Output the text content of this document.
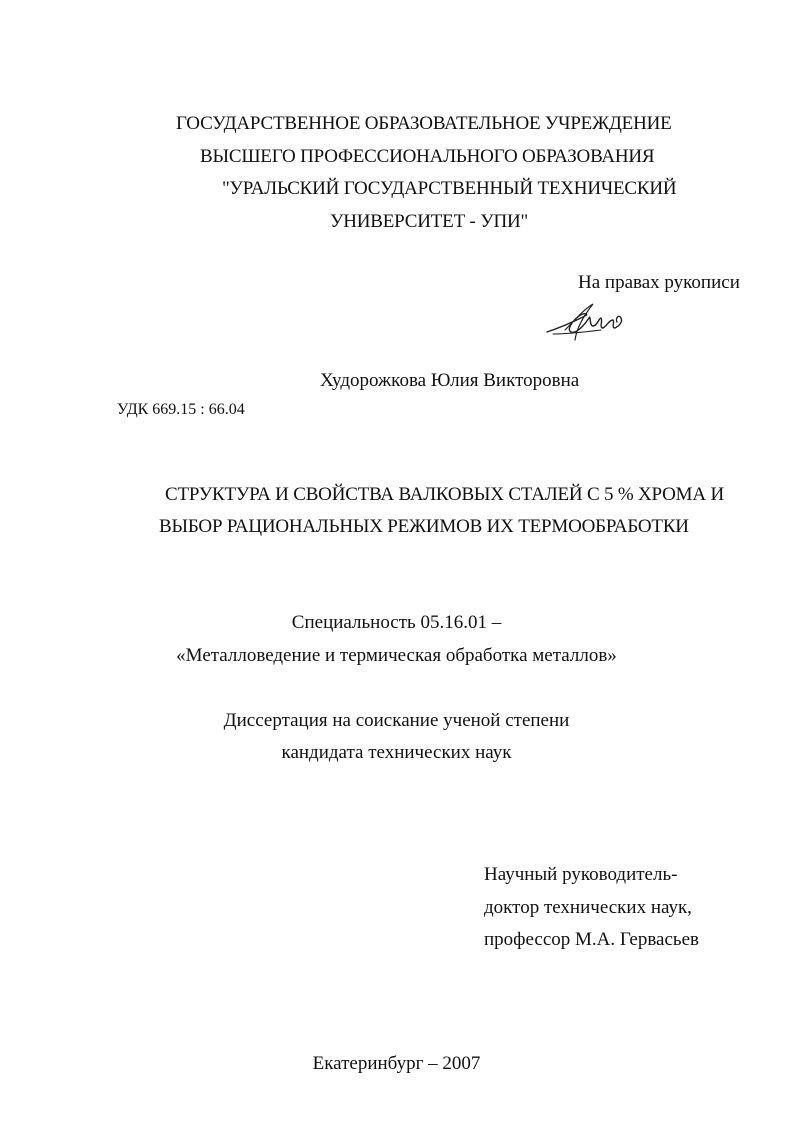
ГОСУДАРСТВЕННОЕ ОБРАЗОВАТЕЛЬНОЕ УЧРЕЖДЕНИЕ
ВЫСШЕГО ПРОФЕССИОНАЛЬНОГО ОБРАЗОВАНИЯ
"УРАЛЬСКИЙ ГОСУДАРСТВЕННЫЙ ТЕХНИЧЕСКИЙ
УНИВЕРСИТЕТ - УПИ"
На правах рукописи
Худорожкова Юлия Викторовна
УДК 669.15 : 66.04
СТРУКТУРА И СВОЙСТВА ВАЛКОВЫХ СТАЛЕЙ С 5 % ХРОМА И
ВЫБОР РАЦИОНАЛЬНЫХ РЕЖИМОВ ИХ ТЕРМООБРАБОТКИ
Специальность 05.16.01 –
«Металловедение и термическая обработка металлов»
Диссертация на соискание ученой степени
кандидата технических наук
Научный руководитель-
доктор технических наук,
профессор М.А. Гервасьев
Екатеринбург – 2007
